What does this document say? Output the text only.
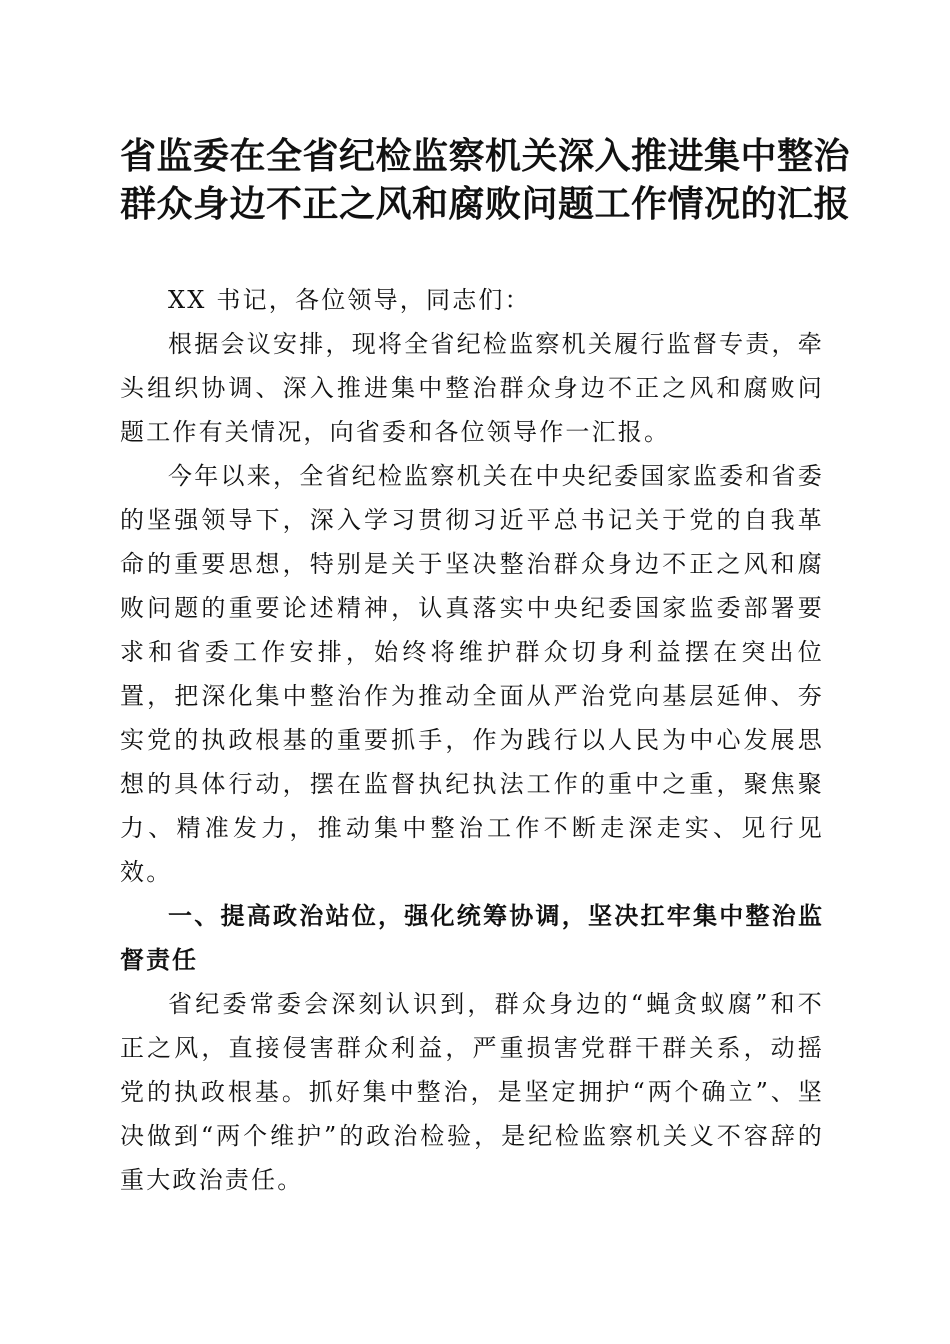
省监委在全省纪检监察机关深入推进集中整治
群众身边不正之风和腐败问题工作情况的汇报

XX 书记，各位领导，同志们：

根据会议安排，现将全省纪检监察机关履行监督专责，牵头组织协调、深入推进集中整治群众身边不正之风和腐败问题工作有关情况，向省委和各位领导作一汇报。

今年以来，全省纪检监察机关在中央纪委国家监委和省委的坚强领导下，深入学习贯彻习近平总书记关于党的自我革命的重要思想，特别是关于坚决整治群众身边不正之风和腐败问题的重要论述精神，认真落实中央纪委国家监委部署要求和省委工作安排，始终将维护群众切身利益摆在突出位置，把深化集中整治作为推动全面从严治党向基层延伸、夯实党的执政根基的重要抓手，作为践行以人民为中心发展思想的具体行动，摆在监督执纪执法工作的重中之重，聚焦聚力、精准发力，推动集中整治工作不断走深走实、见行见效。

一、提高政治站位，强化统筹协调，坚决扛牢集中整治监督责任

省纪委常委会深刻认识到，群众身边的“蝇贪蚁腐”和不正之风，直接侵害群众利益，严重损害党群干群关系，动摇党的执政根基。抓好集中整治，是坚定拥护“两个确立”、坚决做到“两个维护”的政治检验，是纪检监察机关义不容辞的重大政治责任。
